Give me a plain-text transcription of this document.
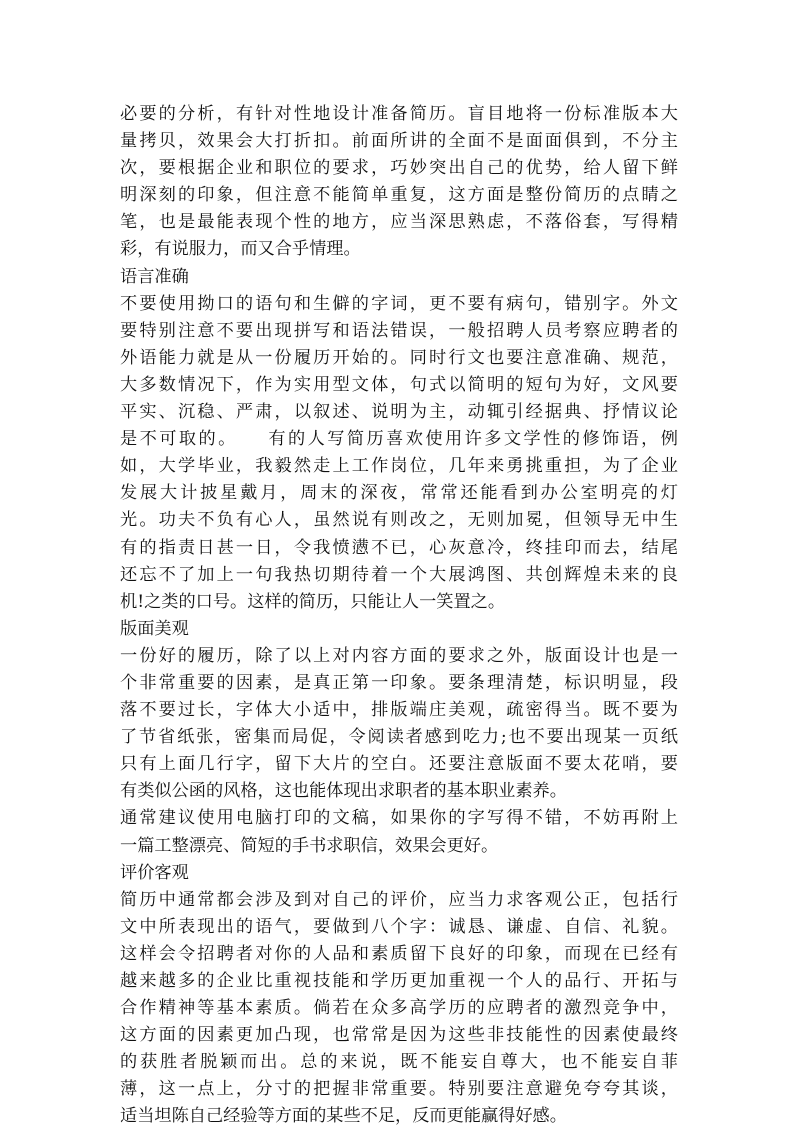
必要的分析，有针对性地设计准备简历。盲目地将一份标准版本大
量拷贝，效果会大打折扣。前面所讲的全面不是面面俱到，不分主
次，要根据企业和职位的要求，巧妙突出自己的优势，给人留下鲜
明深刻的印象，但注意不能简单重复，这方面是整份简历的点睛之
笔，也是最能表现个性的地方，应当深思熟虑，不落俗套，写得精
彩，有说服力，而又合乎情理。
语言准确
不要使用拗口的语句和生僻的字词，更不要有病句，错别字。外文
要特别注意不要出现拼写和语法错误，一般招聘人员考察应聘者的
外语能力就是从一份履历开始的。同时行文也要注意准确、规范，
大多数情况下，作为实用型文体，句式以简明的短句为好，文风要
平实、沉稳、严肃，以叙述、说明为主，动辄引经据典、抒情议论
是不可取的。　　有的人写简历喜欢使用许多文学性的修饰语，例
如，大学毕业，我毅然走上工作岗位，几年来勇挑重担，为了企业
发展大计披星戴月，周末的深夜，常常还能看到办公室明亮的灯
光。功夫不负有心人，虽然说有则改之，无则加冕，但领导无中生
有的指责日甚一日，令我愤懑不已，心灰意冷，终挂印而去，结尾
还忘不了加上一句我热切期待着一个大展鸿图、共创辉煌未来的良
机!之类的口号。这样的简历，只能让人一笑置之。
版面美观
一份好的履历，除了以上对内容方面的要求之外，版面设计也是一
个非常重要的因素，是真正第一印象。要条理清楚，标识明显，段
落不要过长，字体大小适中，排版端庄美观，疏密得当。既不要为
了节省纸张，密集而局促，令阅读者感到吃力;也不要出现某一页纸
只有上面几行字，留下大片的空白。还要注意版面不要太花哨，要
有类似公函的风格，这也能体现出求职者的基本职业素养。
通常建议使用电脑打印的文稿，如果你的字写得不错，不妨再附上
一篇工整漂亮、简短的手书求职信，效果会更好。
评价客观
简历中通常都会涉及到对自己的评价，应当力求客观公正，包括行
文中所表现出的语气，要做到八个字：诚恳、谦虚、自信、礼貌。
这样会令招聘者对你的人品和素质留下良好的印象，而现在已经有
越来越多的企业比重视技能和学历更加重视一个人的品行、开拓与
合作精神等基本素质。倘若在众多高学历的应聘者的激烈竞争中，
这方面的因素更加凸现，也常常是因为这些非技能性的因素使最终
的获胜者脱颖而出。总的来说，既不能妄自尊大，也不能妄自菲
薄，这一点上，分寸的把握非常重要。特别要注意避免夸夸其谈，
适当坦陈自己经验等方面的某些不足，反而更能赢得好感。
